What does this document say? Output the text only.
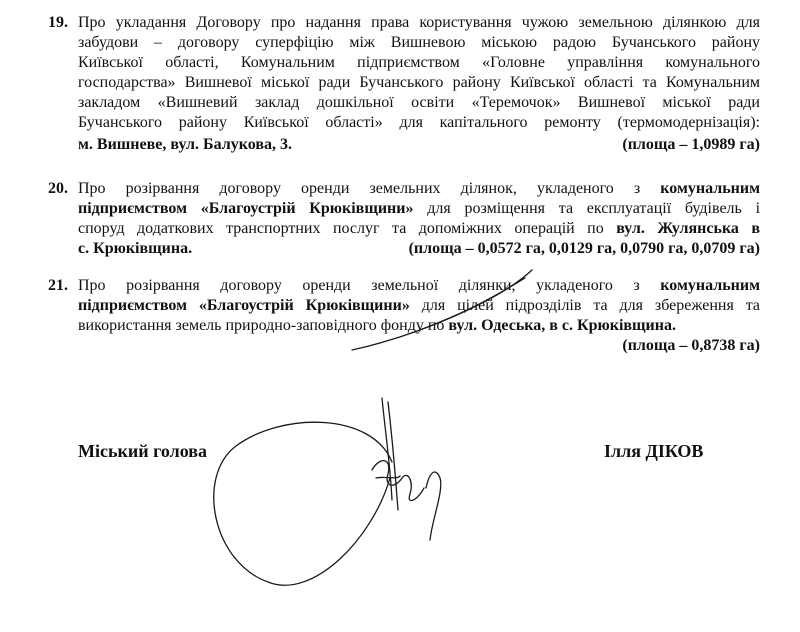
19. Про укладання Договору про надання права користування чужою земельною ділянкою для
забудови – договору суперфіцію між Вишневою міською радою Бучанського району
Київської області, Комунальним підприємством «Головне управління комунального
господарства» Вишневої міської ради Бучанського району Київської області та Комунальним
закладом «Вишневий заклад дошкільної освіти «Теремочок» Вишневої міської ради
Бучанського району Київської області» для капітального ремонту (термомодернізація):
м. Вишневе, вул. Балукова, 3.	(площа – 1,0989 га)
20. Про розірвання договору оренди земельних ділянок, укладеного з комунальним
підприємством «Благоустрій Крюківщини» для розміщення та експлуатації будівель і
споруд додаткових транспортних послуг та допоміжних операцій по вул. Жулянська в
с. Крюківщина.	(площа – 0,0572 га, 0,0129 га, 0,0790 га, 0,0709 га)
21. Про розірвання договору оренди земельної ділянки, укладеного з комунальним
підприємством «Благоустрій Крюківщини» для цілей підрозділів та для збереження та
використання земель природно-заповідного фонду по вул. Одеська, в с. Крюківщина.
(площа – 0,8738 га)
Міський голова	Ілля ДІКОВ
